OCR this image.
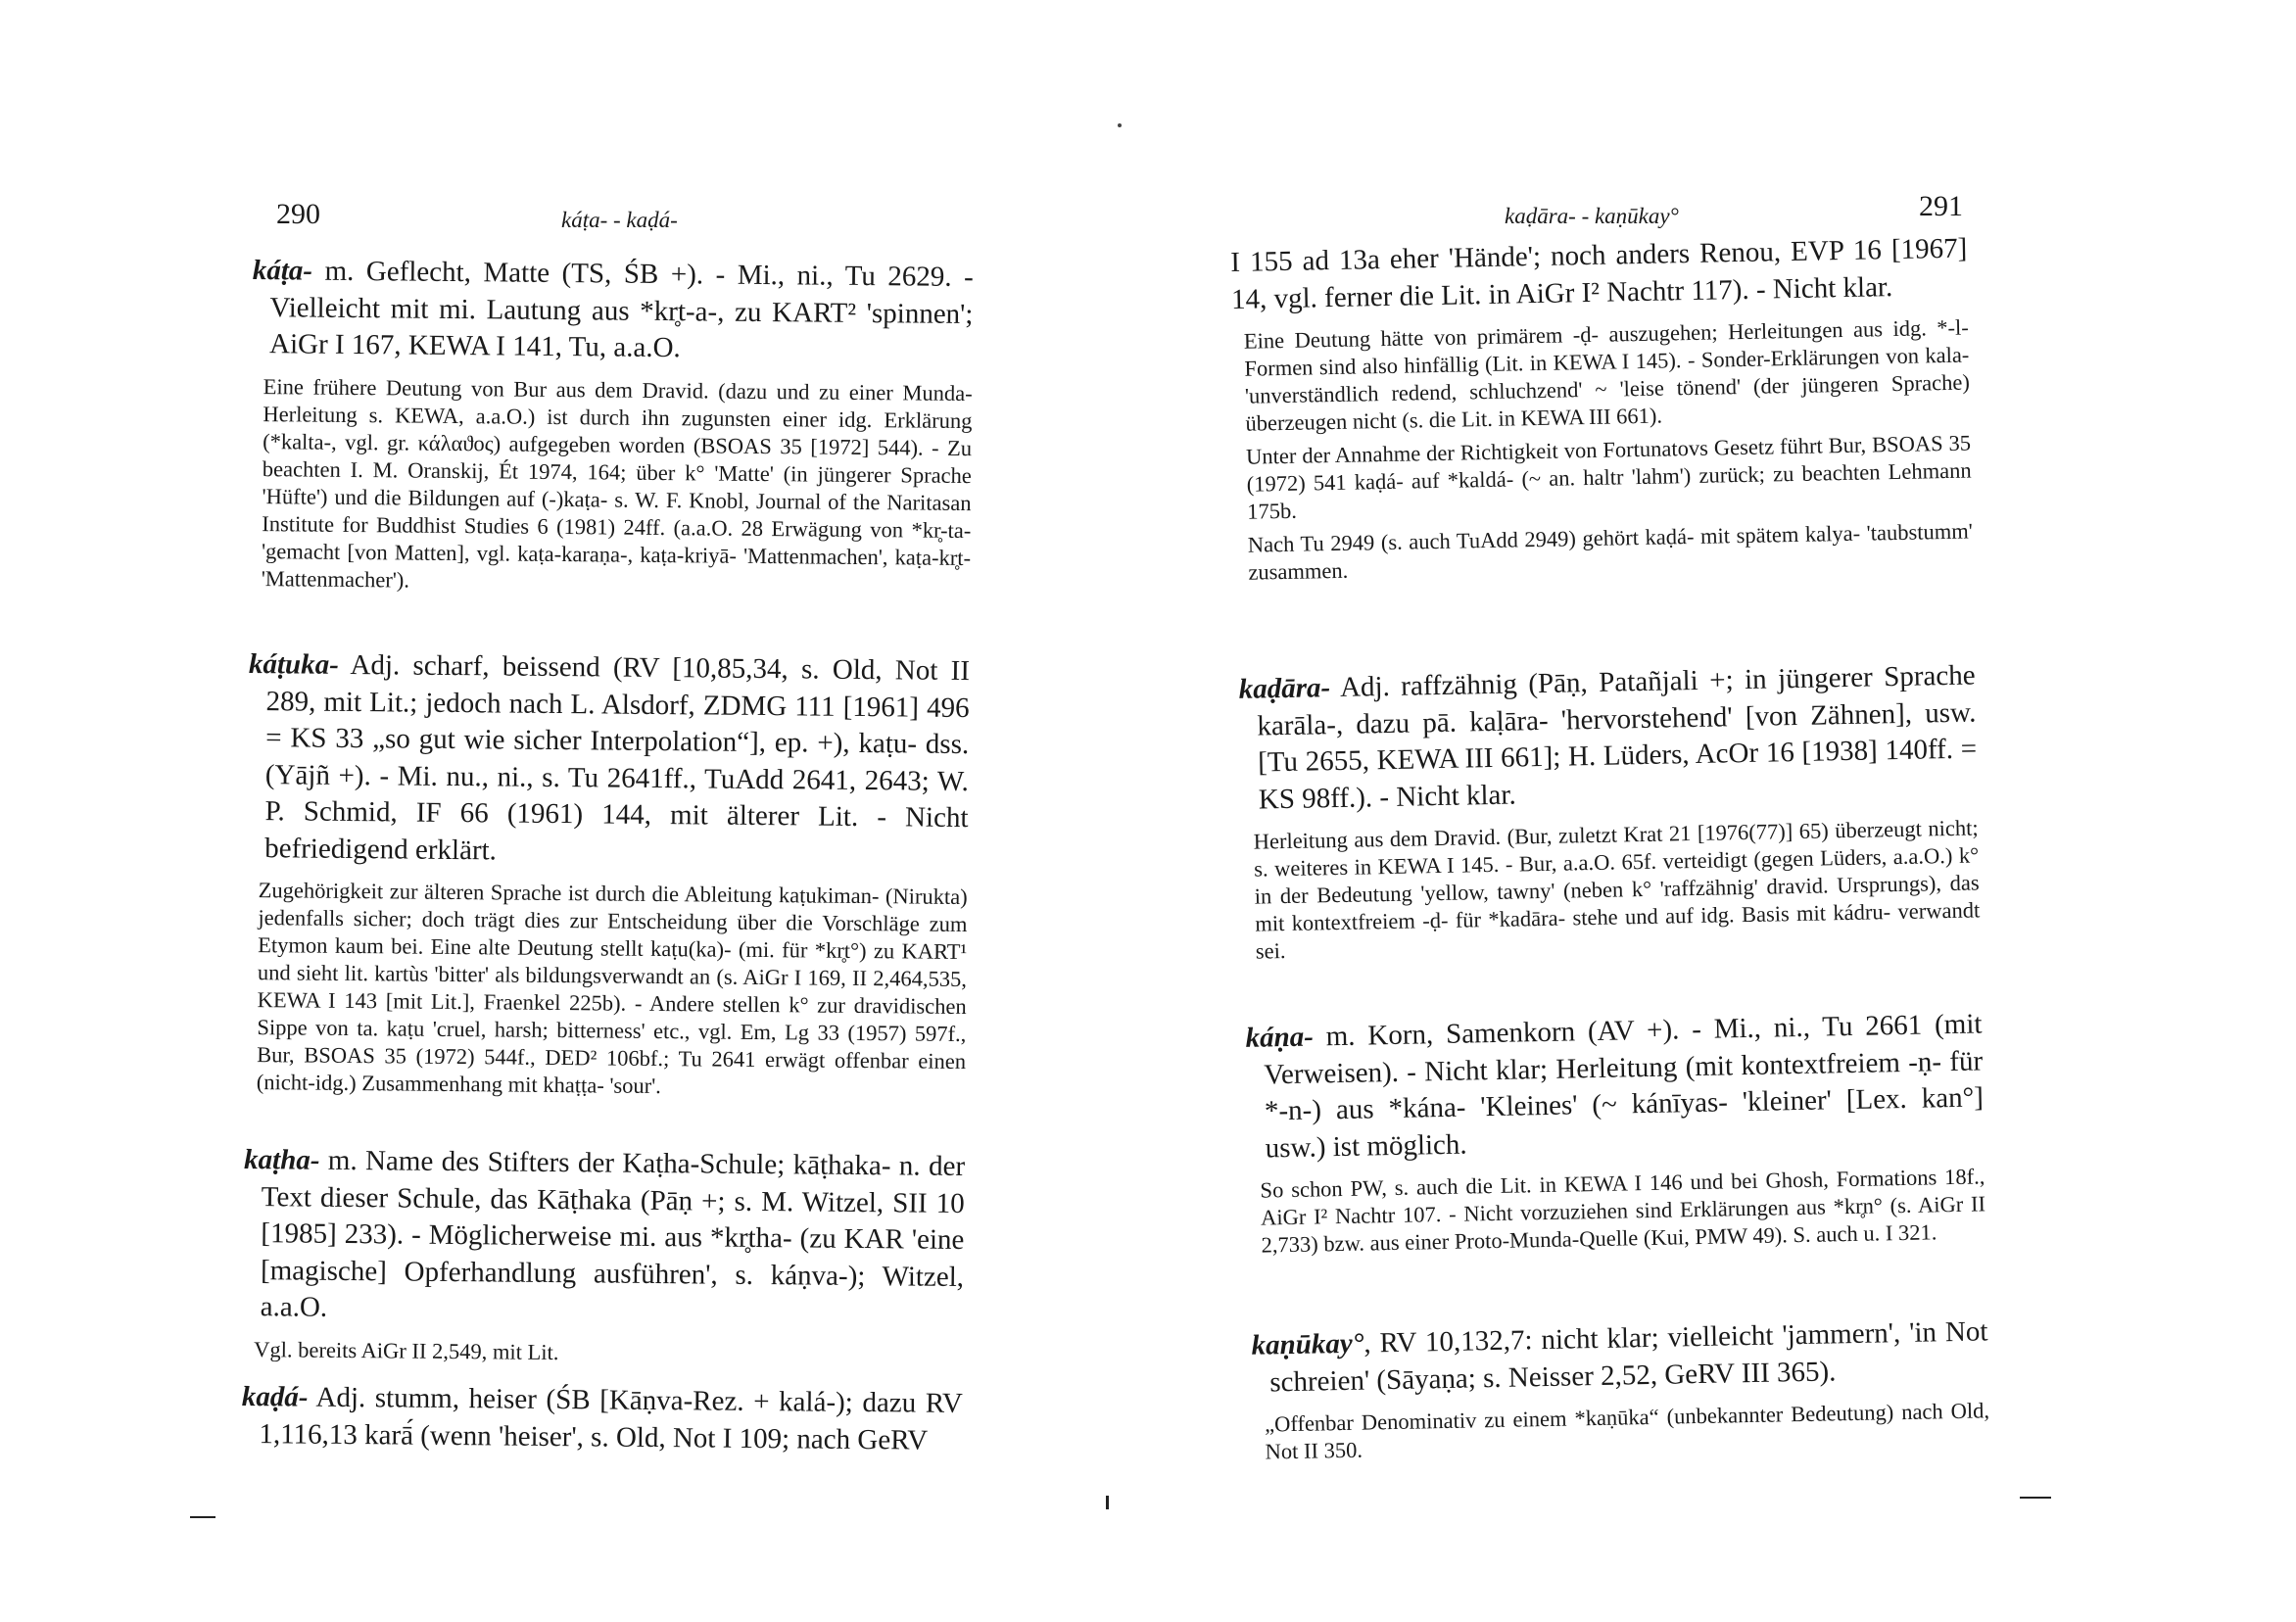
290	káṭa- - kaḍá-

káṭa- m. Geflecht, Matte (TS, ŚB +). - Mi., ni., Tu 2629. - Vielleicht mit mi. Lautung aus *kr̥t-a-, zu KART² 'spinnen'; AiGr I 167, KEWA I 141, Tu, a.a.O.

Eine frühere Deutung von Bur aus dem Dravid. (dazu und zu einer Munda-Herleitung s. KEWA, a.a.O.) ist durch ihn zugunsten einer idg. Erklärung (*kalta-, vgl. gr. κάλαϑος) aufgegeben worden (BSOAS 35 [1972] 544). - Zu beachten I. M. Oranskij, Ét 1974, 164; über k° 'Matte' (in jüngerer Sprache 'Hüfte') und die Bildungen auf (-)kaṭa- s. W. F. Knobl, Journal of the Naritasan Institute for Buddhist Studies 6 (1981) 24ff. (a.a.O. 28 Erwägung von *kr̥-ta- 'gemacht [von Matten], vgl. kaṭa-karaṇa-, kaṭa-kriyā- 'Mattenmachen', kaṭa-kr̥t- 'Mattenmacher').

káṭuka- Adj. scharf, beissend (RV [10,85,34, s. Old, Not II 289, mit Lit.; jedoch nach L. Alsdorf, ZDMG 111 [1961] 496 = KS 33 „so gut wie sicher Interpolation“], ep. +), kaṭu- dss. (Yājñ +). - Mi. nu., ni., s. Tu 2641ff., TuAdd 2641, 2643; W. P. Schmid, IF 66 (1961) 144, mit älterer Lit. - Nicht befriedigend erklärt.

Zugehörigkeit zur älteren Sprache ist durch die Ableitung kaṭukiman- (Nirukta) jedenfalls sicher; doch trägt dies zur Entscheidung über die Vorschläge zum Etymon kaum bei. Eine alte Deutung stellt kaṭu(ka)- (mi. für *kr̥t°) zu KART¹ und sieht lit. kartùs 'bitter' als bildungsverwandt an (s. AiGr I 169, II 2,464,535, KEWA I 143 [mit Lit.], Fraenkel 225b). - Andere stellen k° zur dravidischen Sippe von ta. kaṭu 'cruel, harsh; bitterness' etc., vgl. Em, Lg 33 (1957) 597f., Bur, BSOAS 35 (1972) 544f., DED² 106bf.; Tu 2641 erwägt offenbar einen (nicht-idg.) Zusammenhang mit khaṭṭa- 'sour'.

kaṭha- m. Name des Stifters der Kaṭha-Schule; kāṭhaka- n. der Text dieser Schule, das Kāṭhaka (Pāṇ +; s. M. Witzel, SII 10 [1985] 233). - Möglicherweise mi. aus *kr̥tha- (zu KAR 'eine [magische] Opferhandlung ausführen', s. káṇva-); Witzel, a.a.O.

Vgl. bereits AiGr II 2,549, mit Lit.

kaḍá- Adj. stumm, heiser (ŚB [Kāṇva-Rez. + kalá-); dazu RV 1,116,13 karā́ (wenn 'heiser', s. Old, Not I 109; nach GeRV

291
kaḍāra- - kaṇūkay°

I 155 ad 13a eher 'Hände'; noch anders Renou, EVP 16 [1967] 14, vgl. ferner die Lit. in AiGr I² Nachtr 117). - Nicht klar.

Eine Deutung hätte von primärem -ḍ- auszugehen; Herleitungen aus idg. *-l-Formen sind also hinfällig (Lit. in KEWA I 145). - Sonder-Erklärungen von kala- 'unverständlich redend, schluchzend' ~ 'leise tönend' (der jüngeren Sprache) überzeugen nicht (s. die Lit. in KEWA III 661).

Unter der Annahme der Richtigkeit von Fortunatovs Gesetz führt Bur, BSOAS 35 (1972) 541 kaḍá- auf *kaldá- (~ an. haltr 'lahm') zurück; zu beachten Lehmann 175b.

Nach Tu 2949 (s. auch TuAdd 2949) gehört kaḍá- mit spätem kalya- 'taubstumm' zusammen.

kaḍāra- Adj. raffzähnig (Pāṇ, Patañjali +; in jüngerer Sprache karāla-, dazu pā. kaḷāra- 'hervorstehend' [von Zähnen], usw. [Tu 2655, KEWA III 661]; H. Lüders, AcOr 16 [1938] 140ff. = KS 98ff.). - Nicht klar.

Herleitung aus dem Dravid. (Bur, zuletzt Krat 21 [1976(77)] 65) überzeugt nicht; s. weiteres in KEWA I 145. - Bur, a.a.O. 65f. verteidigt (gegen Lüders, a.a.O.) k° in der Bedeutung 'yellow, tawny' (neben k° 'raffzähnig' dravid. Ursprungs), das mit kontextfreiem -ḍ- für *kadāra- stehe und auf idg. Basis mit kádru- verwandt sei.

káṇa- m. Korn, Samenkorn (AV +). - Mi., ni., Tu 2661 (mit Verweisen). - Nicht klar; Herleitung (mit kontextfreiem -ṇ- für *-n-) aus *kána- 'Kleines' (~ kánīyas- 'kleiner' [Lex. kan°] usw.) ist möglich.

So schon PW, s. auch die Lit. in KEWA I 146 und bei Ghosh, Formations 18f., AiGr I² Nachtr 107. - Nicht vorzuziehen sind Erklärungen aus *kr̥n° (s. AiGr II 2,733) bzw. aus einer Proto-Munda-Quelle (Kui, PMW 49). S. auch u. I 321.

kaṇūkay°, RV 10,132,7: nicht klar; vielleicht 'jammern', 'in Not schreien' (Sāyaṇa; s. Neisser 2,52, GeRV III 365).

„Offenbar Denominativ zu einem *kaṇūka“ (unbekannter Bedeutung) nach Old, Not II 350.
